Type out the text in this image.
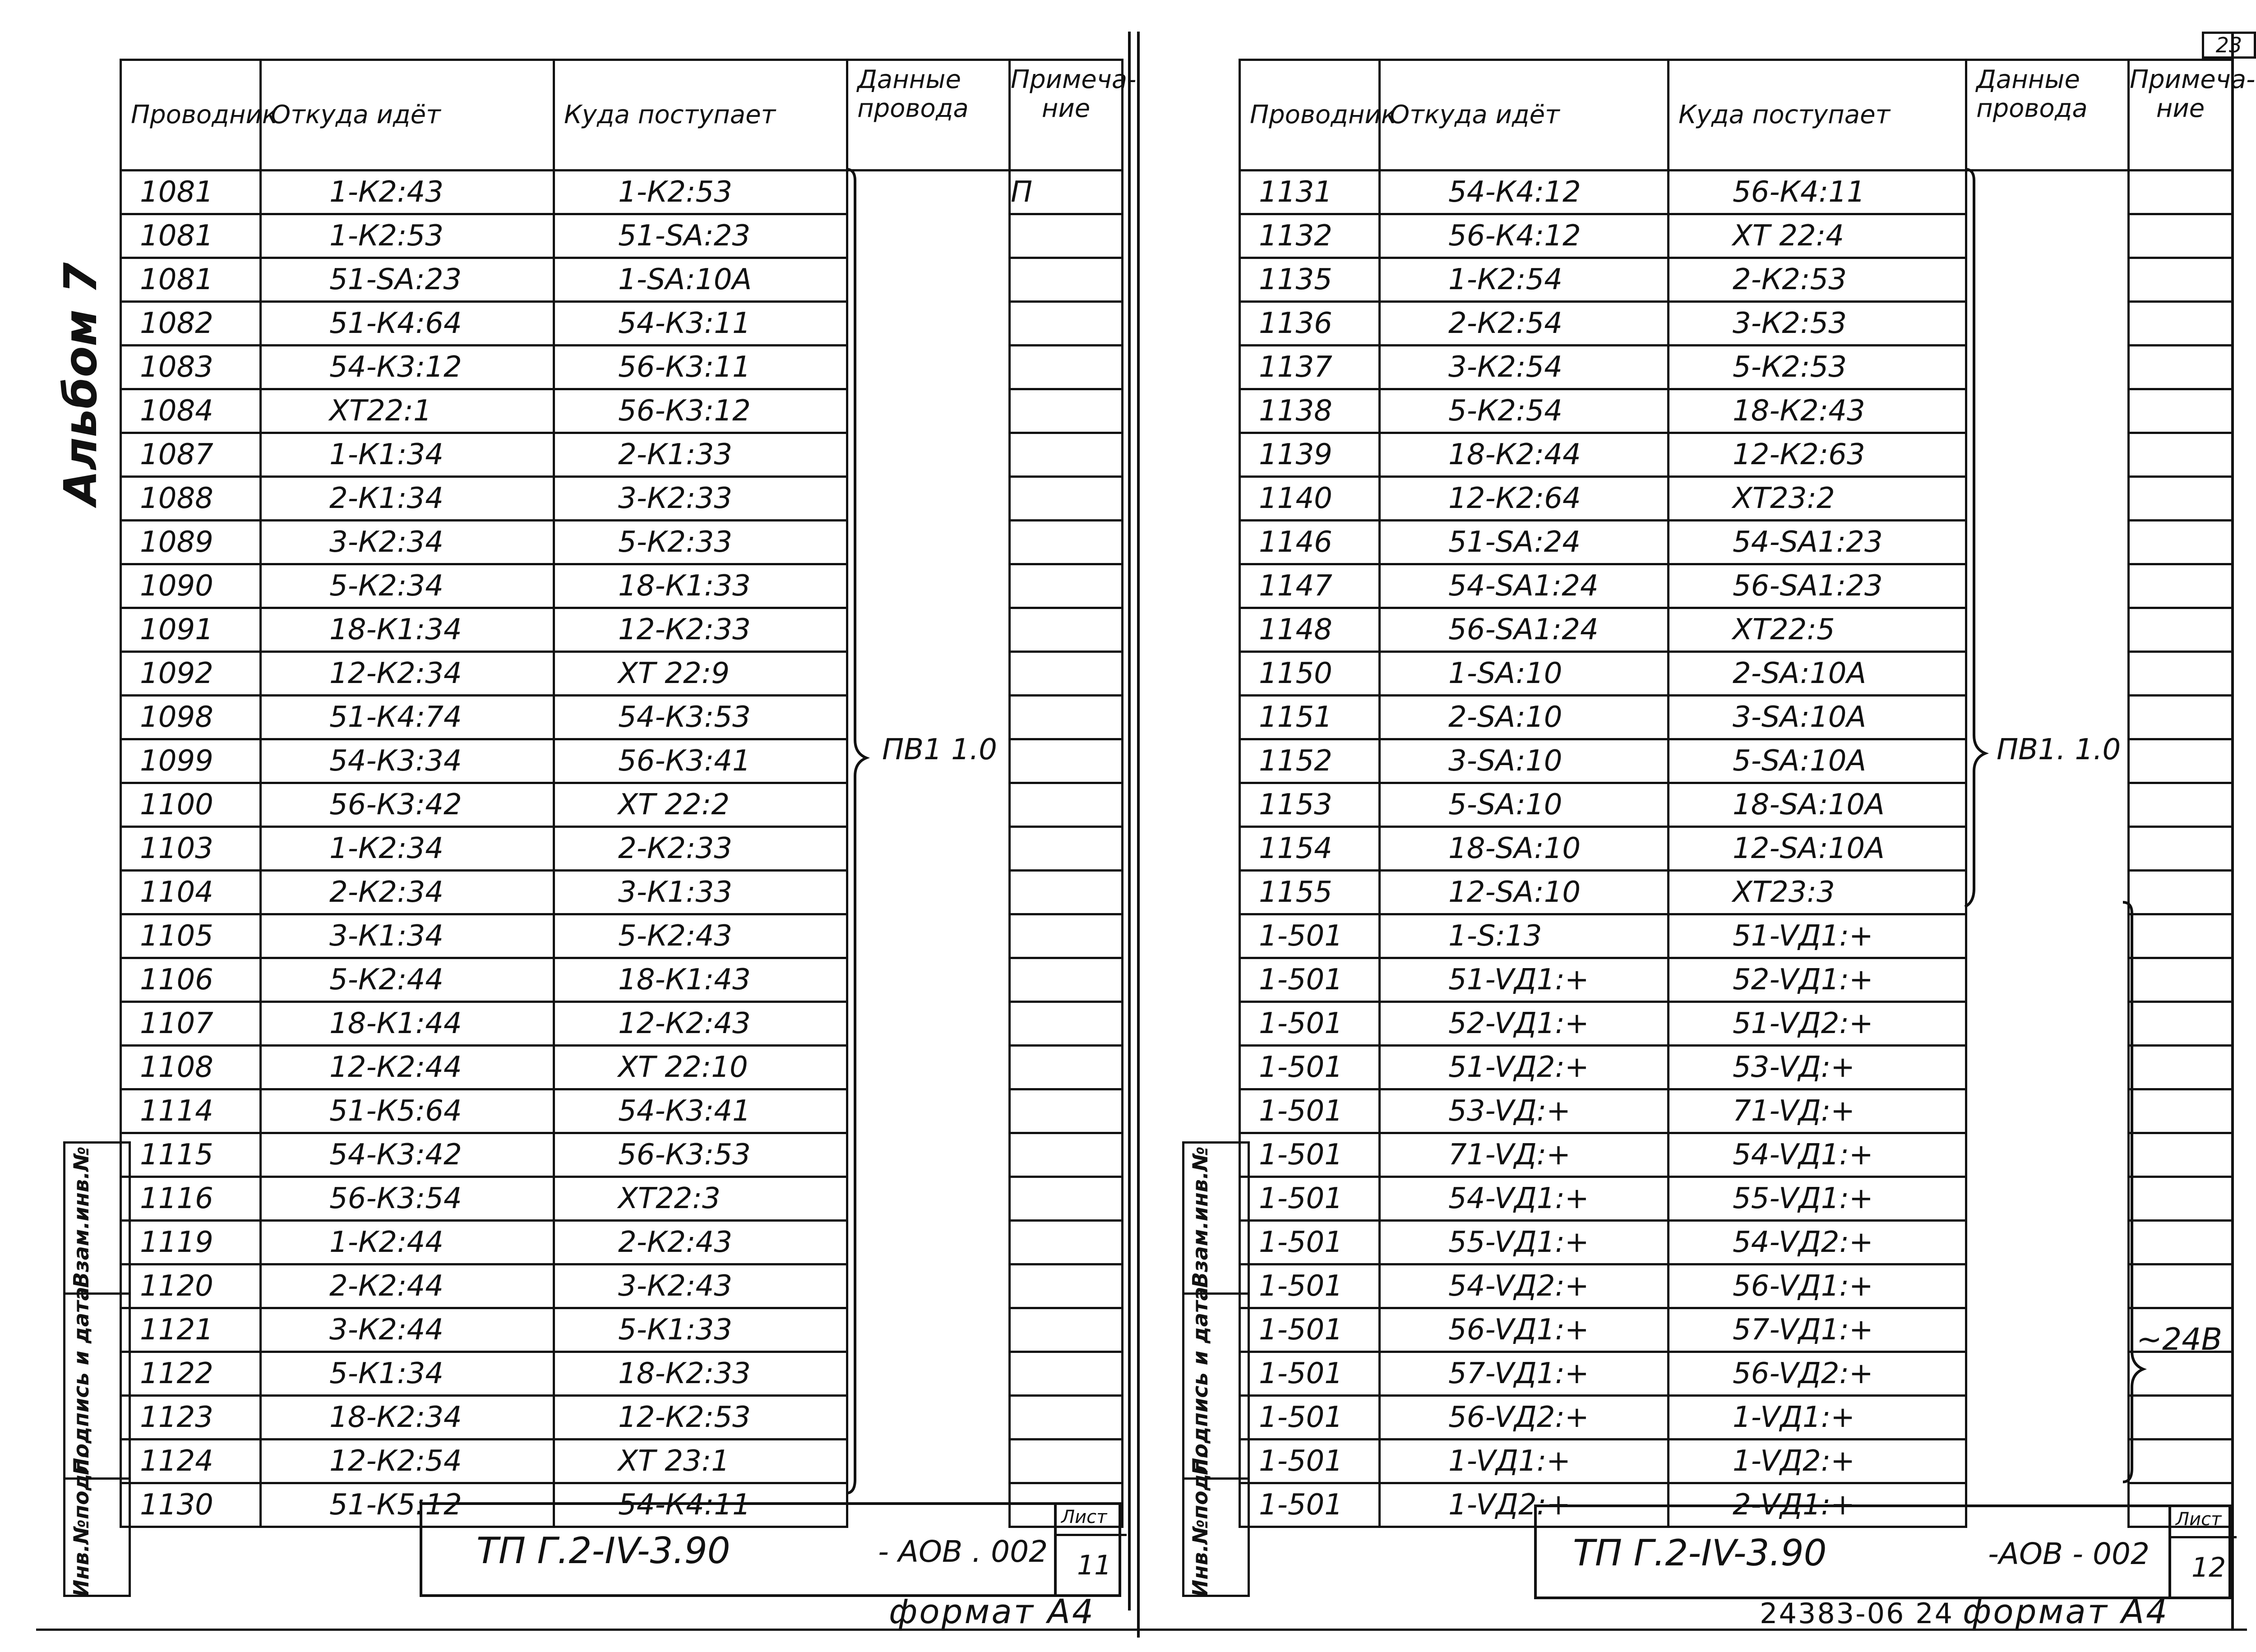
23
Альбом 7
Проводник	Откуда идёт	Куда поступает	Данные провода	Примеча- ние
1081	1-К2:43	1-К2:53		П
1081	1-К2:53	51-SA:23		
1081	51-SA:23	1-SA:10A		
1082	51-К4:64	54-К3:11		
1083	54-К3:12	56-К3:11		
1084	ХТ22:1	56-К3:12		
1087	1-К1:34	2-К1:33		
1088	2-К1:34	3-К2:33		
1089	3-К2:34	5-К2:33		
1090	5-К2:34	18-К1:33		
1091	18-К1:34	12-К2:33		
1092	12-К2:34	ХТ 22:9		
1098	51-К4:74	54-К3:53		
1099	54-К3:34	56-К3:41		
1100	56-К3:42	ХТ 22:2		
1103	1-К2:34	2-К2:33		
1104	2-К2:34	3-К1:33		
1105	3-К1:34	5-К2:43		
1106	5-К2:44	18-К1:43		
1107	18-К1:44	12-К2:43		
1108	12-К2:44	ХТ 22:10		
1114	51-К5:64	54-К3:41		
1115	54-К3:42	56-К3:53		
1116	56-К3:54	ХТ22:3		
1119	1-К2:44	2-К2:43		
1120	2-К2:44	3-К2:43		
1121	3-К2:44	5-К1:33		
1122	5-К1:34	18-К2:33		
1123	18-К2:34	12-К2:53		
1124	12-К2:54	ХТ 23:1		
1130	51-К5:12	54-К4:11		
ПВ1 1.0
Взам.инв.№
Подпись и дата
Инв.№подл.	ТП Г.2-IV-3.90	- АОВ . 002
Лист
11
формат А4
Проводник	Откуда идёт	Куда поступает	Данные провода	Примеча- ние
1131	54-К4:12	56-К4:11		
1132	56-К4:12	ХТ 22:4		
1135	1-К2:54	2-К2:53		
1136	2-К2:54	3-К2:53		
1137	3-К2:54	5-К2:53		
1138	5-К2:54	18-К2:43		
1139	18-К2:44	12-К2:63		
1140	12-К2:64	ХТ23:2		
1146	51-SA:24	54-SA1:23		
1147	54-SA1:24	56-SA1:23		
1148	56-SA1:24	ХТ22:5		
1150	1-SA:10	2-SA:10A		
1151	2-SA:10	3-SA:10A		
1152	3-SA:10	5-SA:10A		
1153	5-SA:10	18-SA:10A		
1154	18-SA:10	12-SA:10A		
1155	12-SA:10	ХТ23:3		
1-501	1-S:13	51-VД1:+		
1-501	51-VД1:+	52-VД1:+		
1-501	52-VД1:+	51-VД2:+		
1-501	51-VД2:+	53-VД:+		
1-501	53-VД:+	71-VД:+		
1-501	71-VД:+	54-VД1:+		
1-501	54-VД1:+	55-VД1:+		
1-501	55-VД1:+	54-VД2:+		
1-501	54-VД2:+	56-VД1:+		
1-501	56-VД1:+	57-VД1:+		
1-501	57-VД1:+	56-VД2:+		
1-501	56-VД2:+	1-VД1:+		
1-501	1-VД1:+	1-VД2:+		
1-501	1-VД2:+	2-VД1:+		
ПВ1. 1.0
~24В
Взам.инв.№
Подпись и дата
Инв.№подл.	ТП Г.2-IV-3.90	-АОВ - 002
Лист
12
24383-06 24 формат А4
